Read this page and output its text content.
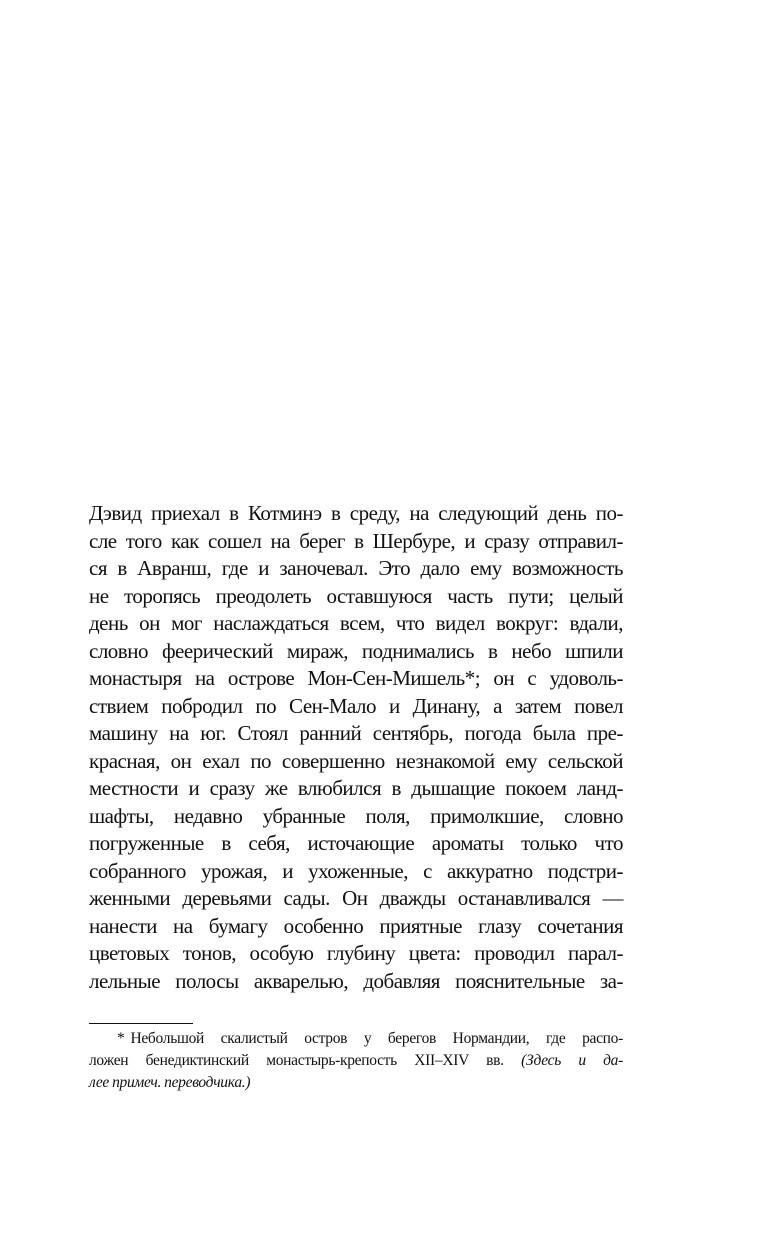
Дэвид приехал в Котминэ в среду, на следующий день по-
сле того как сошел на берег в Шербуре, и сразу отправил-
ся в Авранш, где и заночевал. Это дало ему возможность
не торопясь преодолеть оставшуюся часть пути; целый
день он мог наслаждаться всем, что видел вокруг: вдали,
словно феерический мираж, поднимались в небо шпили
монастыря на острове Мон-Сен-Мишель*; он с удоволь-
ствием побродил по Сен-Мало и Динану, а затем повел
машину на юг. Стоял ранний сентябрь, погода была пре-
красная, он ехал по совершенно незнакомой ему сельской
местности и сразу же влюбился в дышащие покоем ланд-
шафты, недавно убранные поля, примолкшие, словно
погруженные в себя, источающие ароматы только что
собранного урожая, и ухоженные, с аккуратно подстри-
женными деревьями сады. Он дважды останавливался —
нанести на бумагу особенно приятные глазу сочетания
цветовых тонов, особую глубину цвета: проводил парал-
лельные полосы акварелью, добавляя пояснительные за-
* Небольшой скалистый остров у берегов Нормандии, где распо-
ложен бенедиктинский монастырь-крепость XII–XIV вв. (Здесь и да-
лее примеч. переводчика.)
